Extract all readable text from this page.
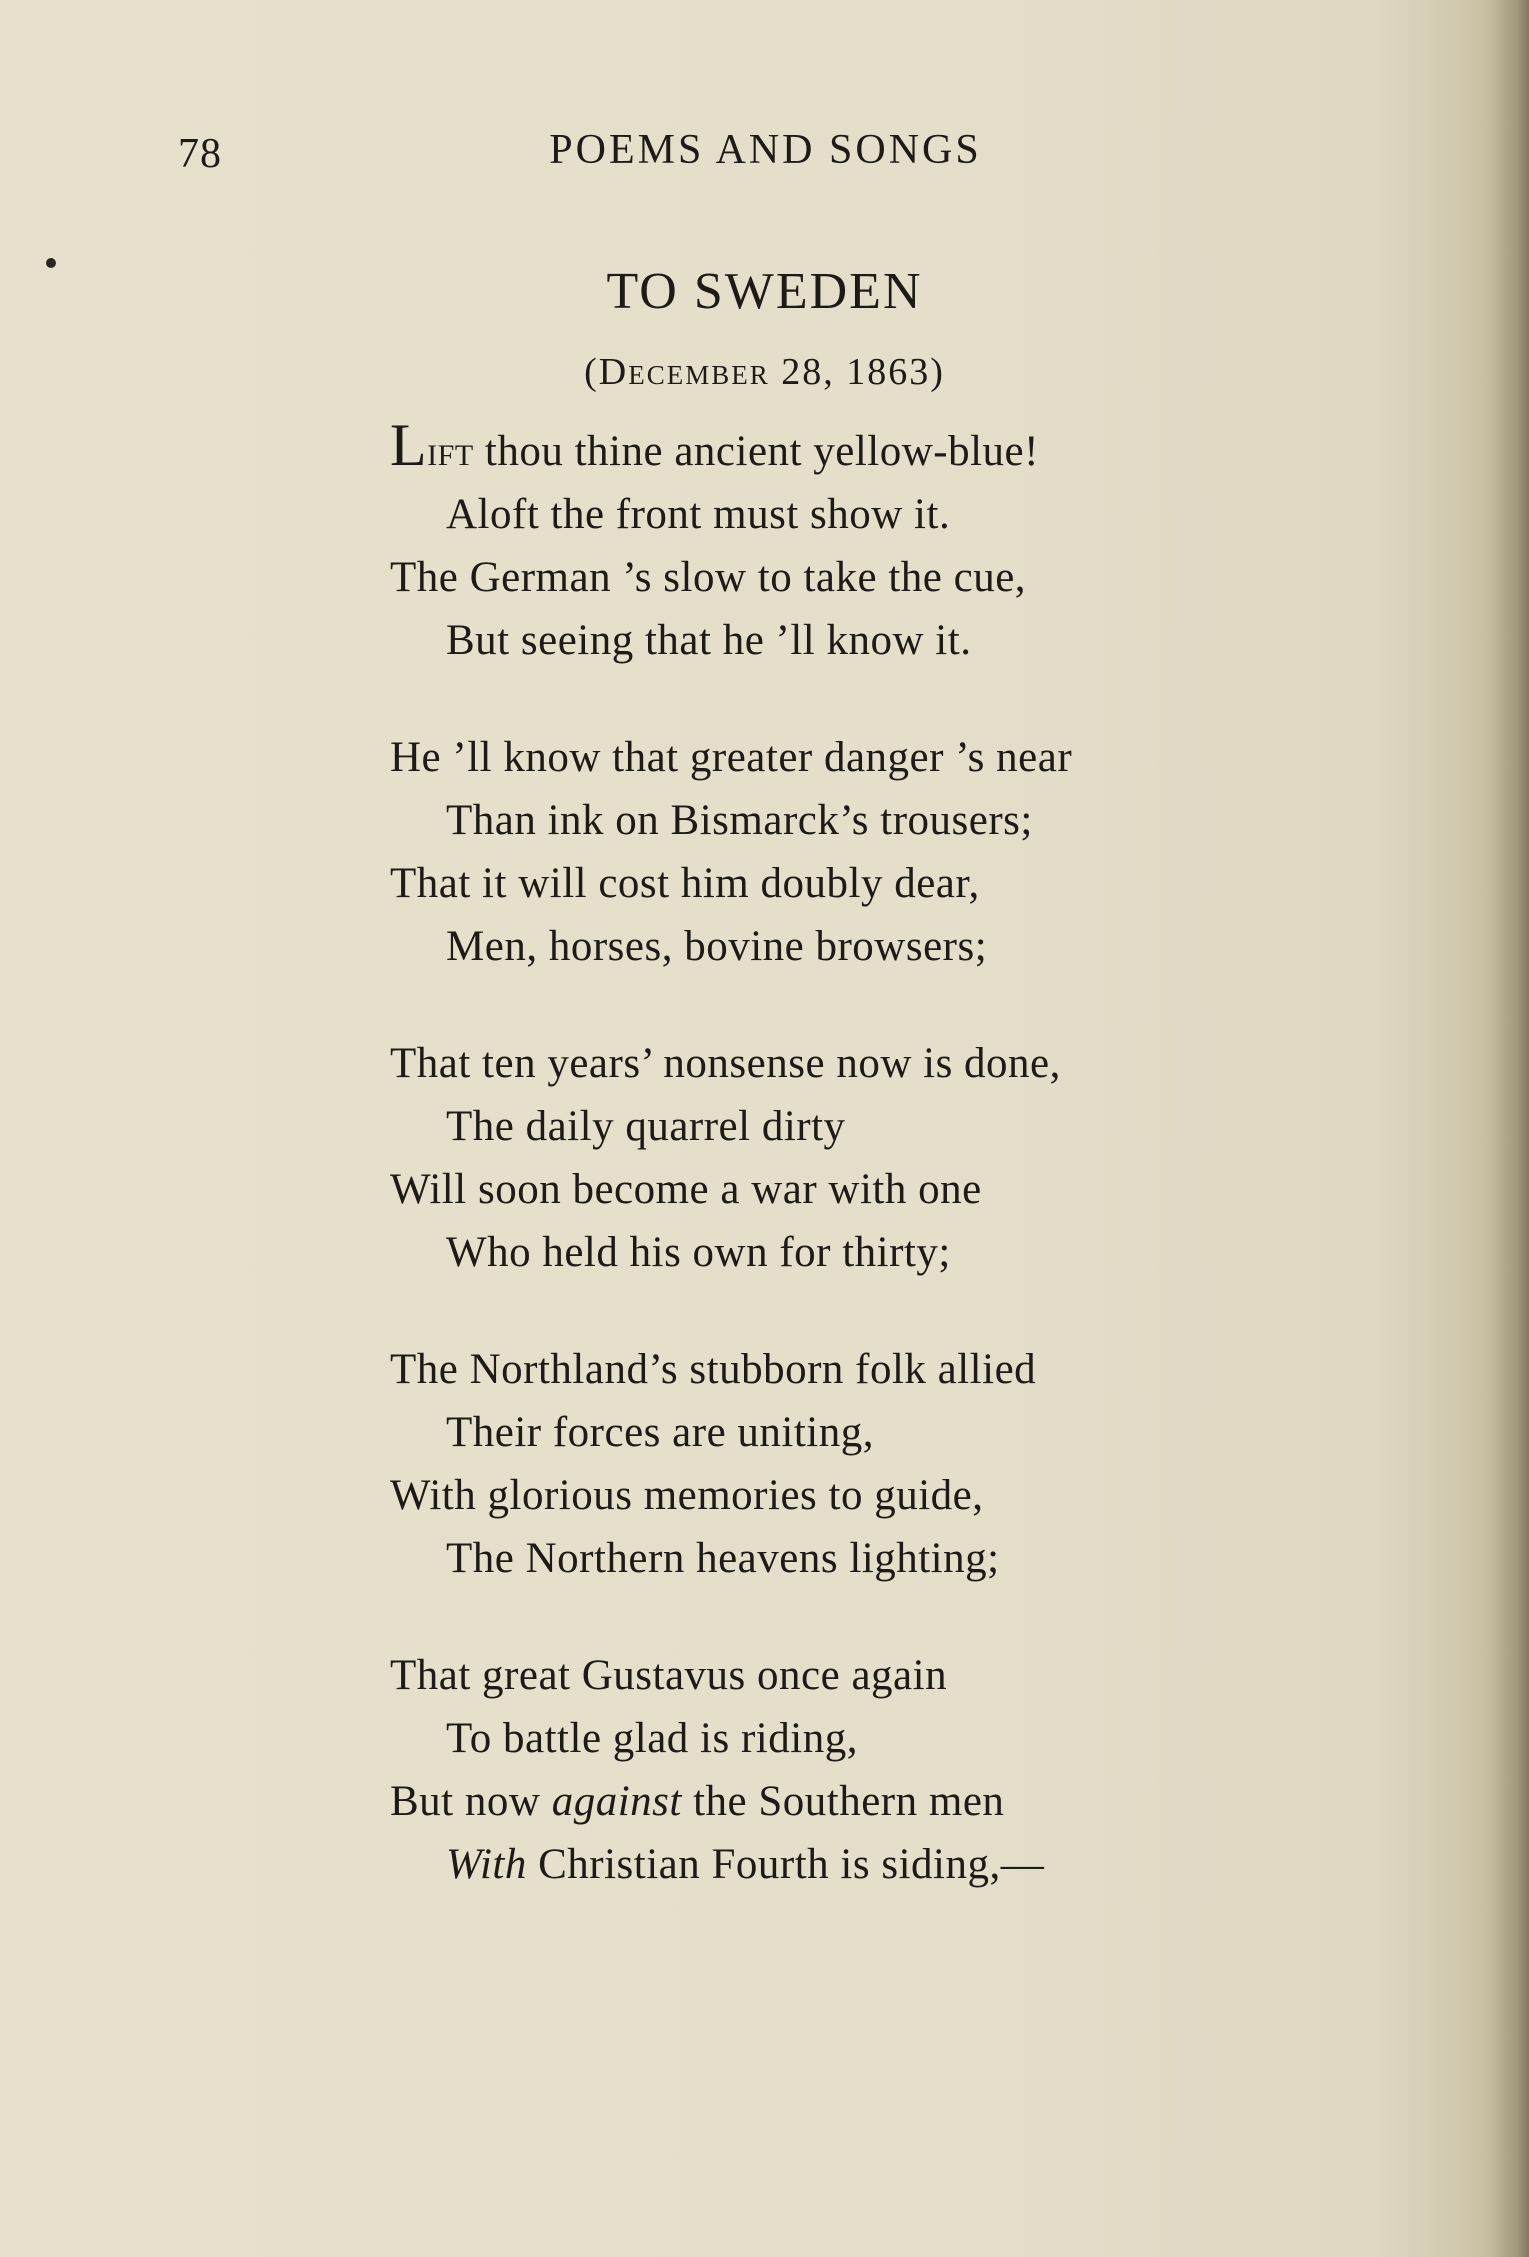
78	POEMS AND SONGS
TO SWEDEN
(December 28, 1863)
Lift thou thine ancient yellow-blue!
Aloft the front must show it.
The German ’s slow to take the cue,
But seeing that he ’ll know it.
He ’ll know that greater danger ’s near
Than ink on Bismarck’s trousers;
That it will cost him doubly dear,
Men, horses, bovine browsers;
That ten years’ nonsense now is done,
The daily quarrel dirty
Will soon become a war with one
Who held his own for thirty;
The Northland’s stubborn folk allied
Their forces are uniting,
With glorious memories to guide,
The Northern heavens lighting;
That great Gustavus once again
To battle glad is riding,
But now against the Southern men
With Christian Fourth is siding,—
